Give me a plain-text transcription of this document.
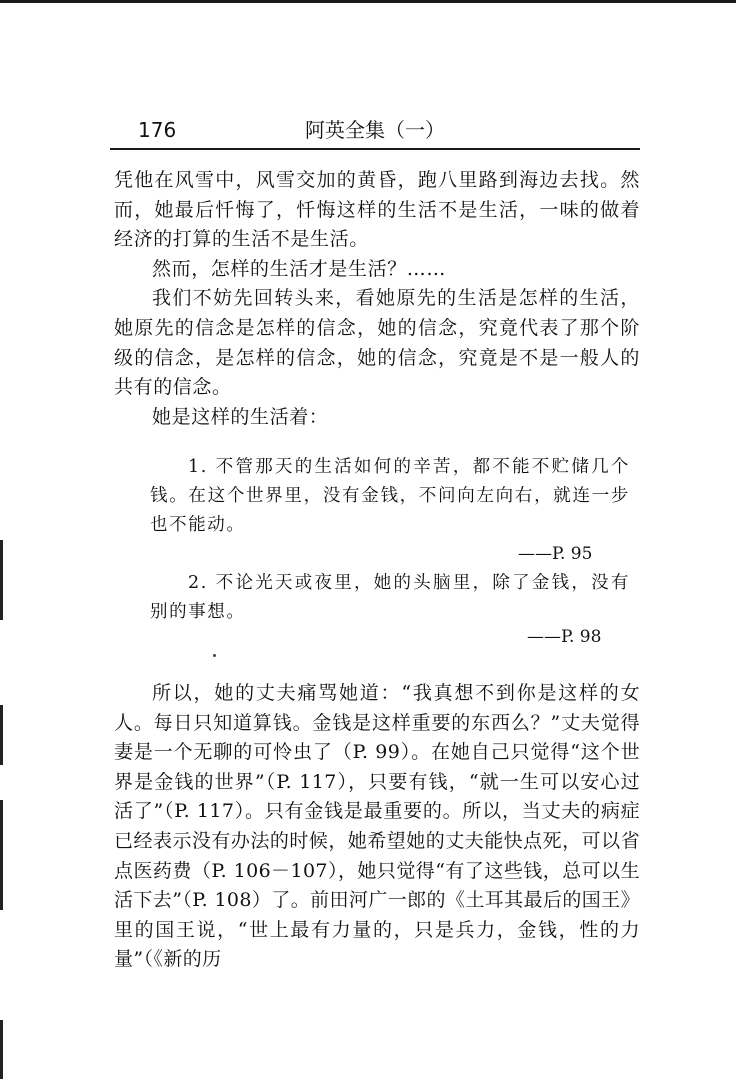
176	阿英全集（一）

凭他在风雪中，风雪交加的黄昏，跑八里路到海边去找。然而，她最后忏悔了，忏悔这样的生活不是生活，一味的做着经济的打算的生活不是生活。

然而，怎样的生活才是生活？……

我们不妨先回转头来，看她原先的生活是怎样的生活，她原先的信念是怎样的信念，她的信念，究竟代表了那个阶级的信念，是怎样的信念，她的信念，究竟是不是一般人的共有的信念。

她是这样的生活着：

1. 不管那天的生活如何的辛苦，都不能不贮储几个钱。在这个世界里，没有金钱，不问向左向右，就连一步也不能动。

——P. 95

2. 不论光天或夜里，她的头脑里，除了金钱，没有别的事想。

——P. 98

所以，她的丈夫痛骂她道：“我真想不到你是这样的女人。每日只知道算钱。金钱是这样重要的东西么？”丈夫觉得妻是一个无聊的可怜虫了（P. 99）。在她自己只觉得“这个世界是金钱的世界”（P. 117），只要有钱，“就一生可以安心过活了”（P. 117）。只有金钱是最重要的。所以，当丈夫的病症已经表示没有办法的时候，她希望她的丈夫能快点死，可以省点医药费（P. 106－107），她只觉得“有了这些钱，总可以生活下去”（P. 108）了。前田河广一郎的《土耳其最后的国王》里的国王说，“世上最有力量的，只是兵力，金钱，性的力量”（《新的历
